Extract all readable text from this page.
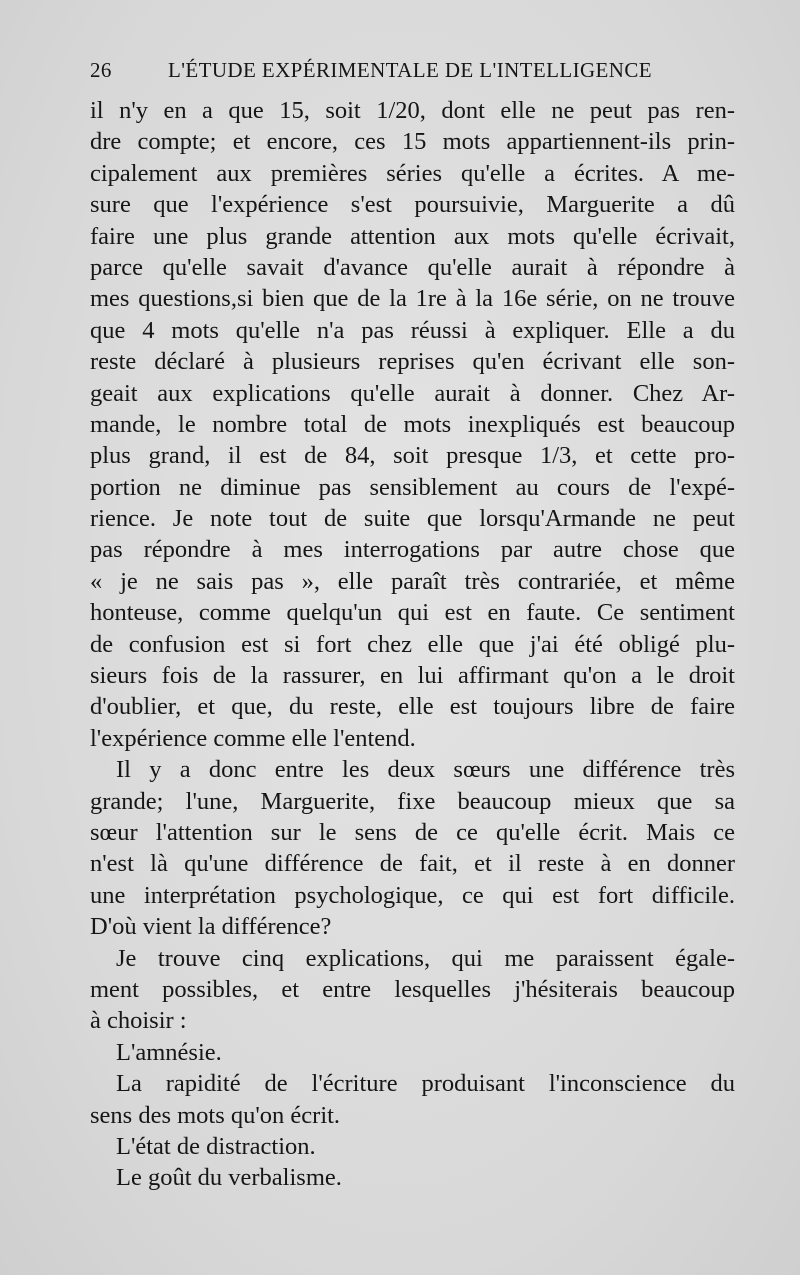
26	L'ÉTUDE EXPÉRIMENTALE DE L'INTELLIGENCE
il n'y en a que 15, soit 1/20, dont elle ne peut pas ren-
dre compte; et encore, ces 15 mots appartiennent-ils prin-
cipalement aux premières séries qu'elle a écrites. A me-
sure que l'expérience s'est poursuivie, Marguerite a dû
faire une plus grande attention aux mots qu'elle écrivait,
parce qu'elle savait d'avance qu'elle aurait à répondre à
mes questions,si bien que de la 1re à la 16e série, on ne trouve
que 4 mots qu'elle n'a pas réussi à expliquer. Elle a du
reste déclaré à plusieurs reprises qu'en écrivant elle son-
geait aux explications qu'elle aurait à donner. Chez Ar-
mande, le nombre total de mots inexpliqués est beaucoup
plus grand, il est de 84, soit presque 1/3, et cette pro-
portion ne diminue pas sensiblement au cours de l'expé-
rience. Je note tout de suite que lorsqu'Armande ne peut
pas répondre à mes interrogations par autre chose que
« je ne sais pas », elle paraît très contrariée, et même
honteuse, comme quelqu'un qui est en faute. Ce sentiment
de confusion est si fort chez elle que j'ai été obligé plu-
sieurs fois de la rassurer, en lui affirmant qu'on a le droit
d'oublier, et que, du reste, elle est toujours libre de faire
l'expérience comme elle l'entend.
Il y a donc entre les deux sœurs une différence très
grande; l'une, Marguerite, fixe beaucoup mieux que sa
sœur l'attention sur le sens de ce qu'elle écrit. Mais ce
n'est là qu'une différence de fait, et il reste à en donner
une interprétation psychologique, ce qui est fort difficile.
D'où vient la différence?
Je trouve cinq explications, qui me paraissent égale-
ment possibles, et entre lesquelles j'hésiterais beaucoup
à choisir :
L'amnésie.
La rapidité de l'écriture produisant l'inconscience du
sens des mots qu'on écrit.
L'état de distraction.
Le goût du verbalisme.
